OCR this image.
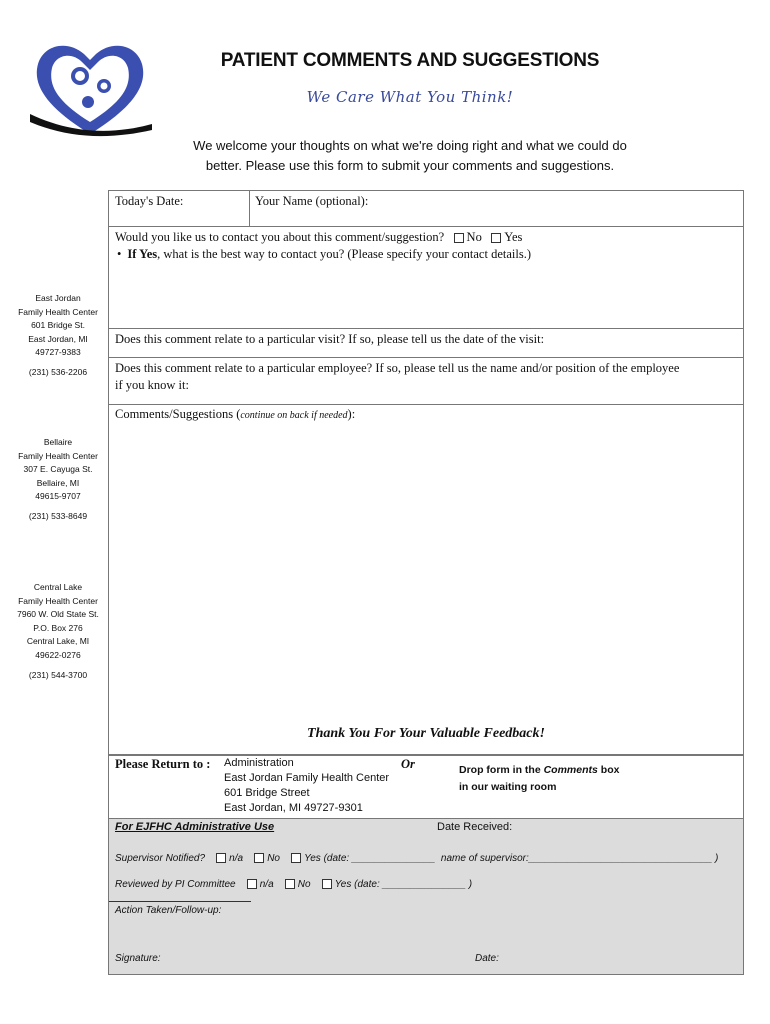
PATIENT COMMENTS AND SUGGESTIONS
We Care What You Think!
We welcome your thoughts on what we're doing right and what we could do
better. Please use this form to submit your comments and suggestions.
East Jordan
Family Health Center
601 Bridge St.
East Jordan, MI
49727-9383
(231) 536-2206
Bellaire
Family Health Center
307 E. Cayuga St.
Bellaire, MI
49615-9707
(231) 533-8649
Central Lake
Family Health Center
7960 W. Old State St.
P.O. Box 276
Central Lake, MI
49622-0276
(231) 544-3700
Today's Date:	Your Name (optional):
Would you like us to contact you about this comment/suggestion? No Yes
• If Yes, what is the best way to contact you? (Please specify your contact details.)
Does this comment relate to a particular visit? If so, please tell us the date of the visit:
Does this comment relate to a particular employee? If so, please tell us the name and/or position of the employee
if you know it:
Comments/Suggestions (continue on back if needed):
Thank You For Your Valuable Feedback!
Please Return to : Administration
East Jordan Family Health Center
601 Bridge Street
East Jordan, MI 49727-9301
Or	Drop form in the Comments box
in our waiting room
For EJFHC Administrative Use	Date Received:
Supervisor Notified? n/a No Yes (date: _______________ name of supervisor:_________________________________ )
Reviewed by PI Committee n/a No Yes (date: _______________ )
Action Taken/Follow-up:
Signature:	Date:
